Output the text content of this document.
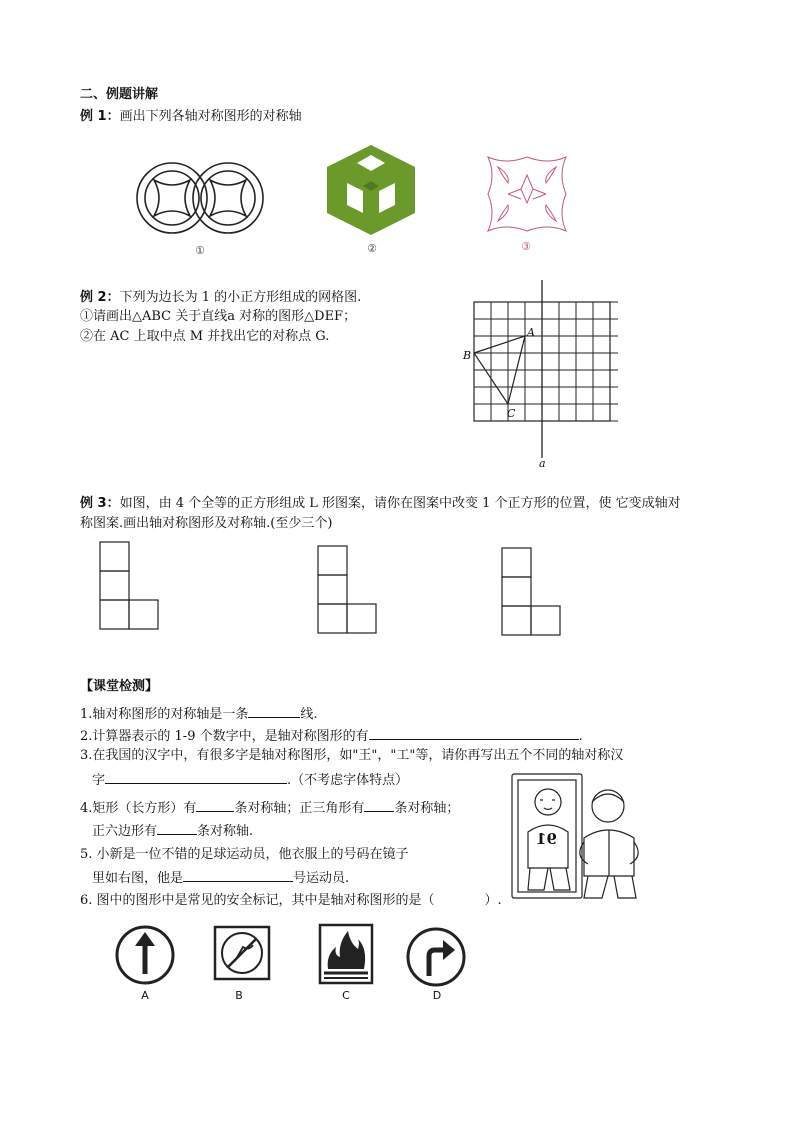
二、例题讲解
例 1：画出下列各轴对称图形的对称轴
①	②	③
例 2：下列为边长为 1 的小正方形组成的网格图.
①请画出△ABC 关于直线a 对称的图形△DEF；
②在 AC 上取中点 M 并找出它的对称点 G.	A
B
C
a
例 3：如图，由 4 个全等的正方形组成 L 形图案，请你在图案中改变 1 个正方形的位置，使 它变成轴对
称图案.画出轴对称图形及对称轴.(至少三个)
【课堂检测】
1.轴对称图形的对称轴是一条	线.
2.计算器表示的 1-9 个数字中，是轴对称图形的有	.
3.在我国的汉字中，有很多字是轴对称图形，如"王"，"工"等，请你再写出五个不同的轴对称汉
字	.（不考虑字体特点）
4.矩形（长方形）有	条对称轴；正三角形有 条对称轴；
正六边形有	条对称轴.
5. 小新是一位不错的足球运动员，他衣服上的号码在镜子
里如右图，他是	号运动员.
6. 图中的图形中是常见的安全标记，其中是轴对称图形的是（	）.
91
A	B	C	D
